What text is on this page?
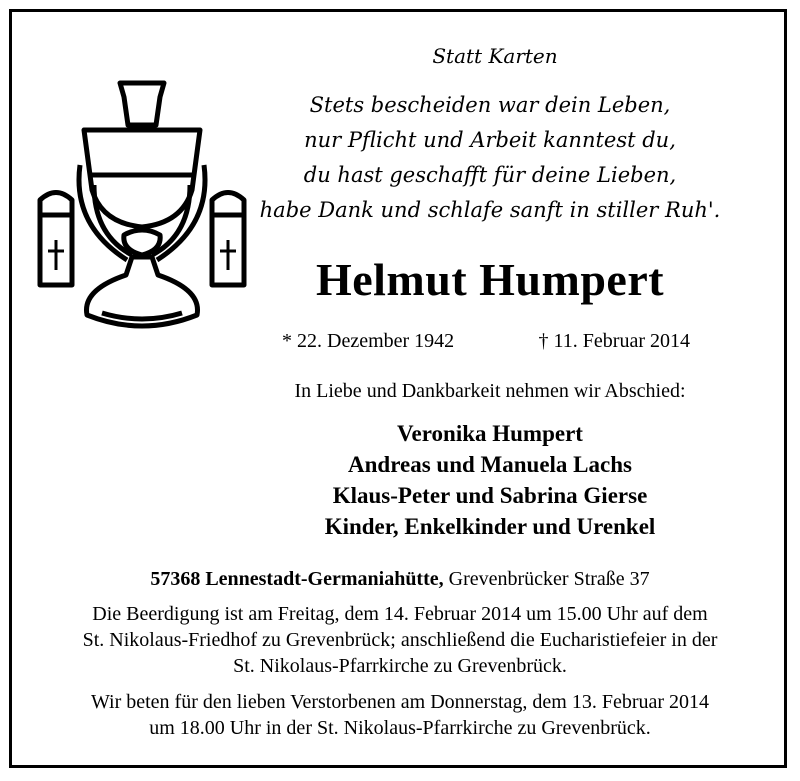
Statt Karten
Stets bescheiden war dein Leben,
nur Pflicht und Arbeit kanntest du,
du hast geschafft für deine Lieben,
habe Dank und schlafe sanft in stiller Ruh'.
Helmut Humpert
* 22. Dezember 1942	† 11. Februar 2014
In Liebe und Dankbarkeit nehmen wir Abschied:
Veronika Humpert
Andreas und Manuela Lachs
Klaus-Peter und Sabrina Gierse
Kinder, Enkelkinder und Urenkel
57368 Lennestadt-Germaniahütte, Grevenbrücker Straße 37
Die Beerdigung ist am Freitag, dem 14. Februar 2014 um 15.00 Uhr auf dem
St. Nikolaus-Friedhof zu Grevenbrück; anschließend die Eucharistiefeier in der
St. Nikolaus-Pfarrkirche zu Grevenbrück.
Wir beten für den lieben Verstorbenen am Donnerstag, dem 13. Februar 2014
um 18.00 Uhr in der St. Nikolaus-Pfarrkirche zu Grevenbrück.
